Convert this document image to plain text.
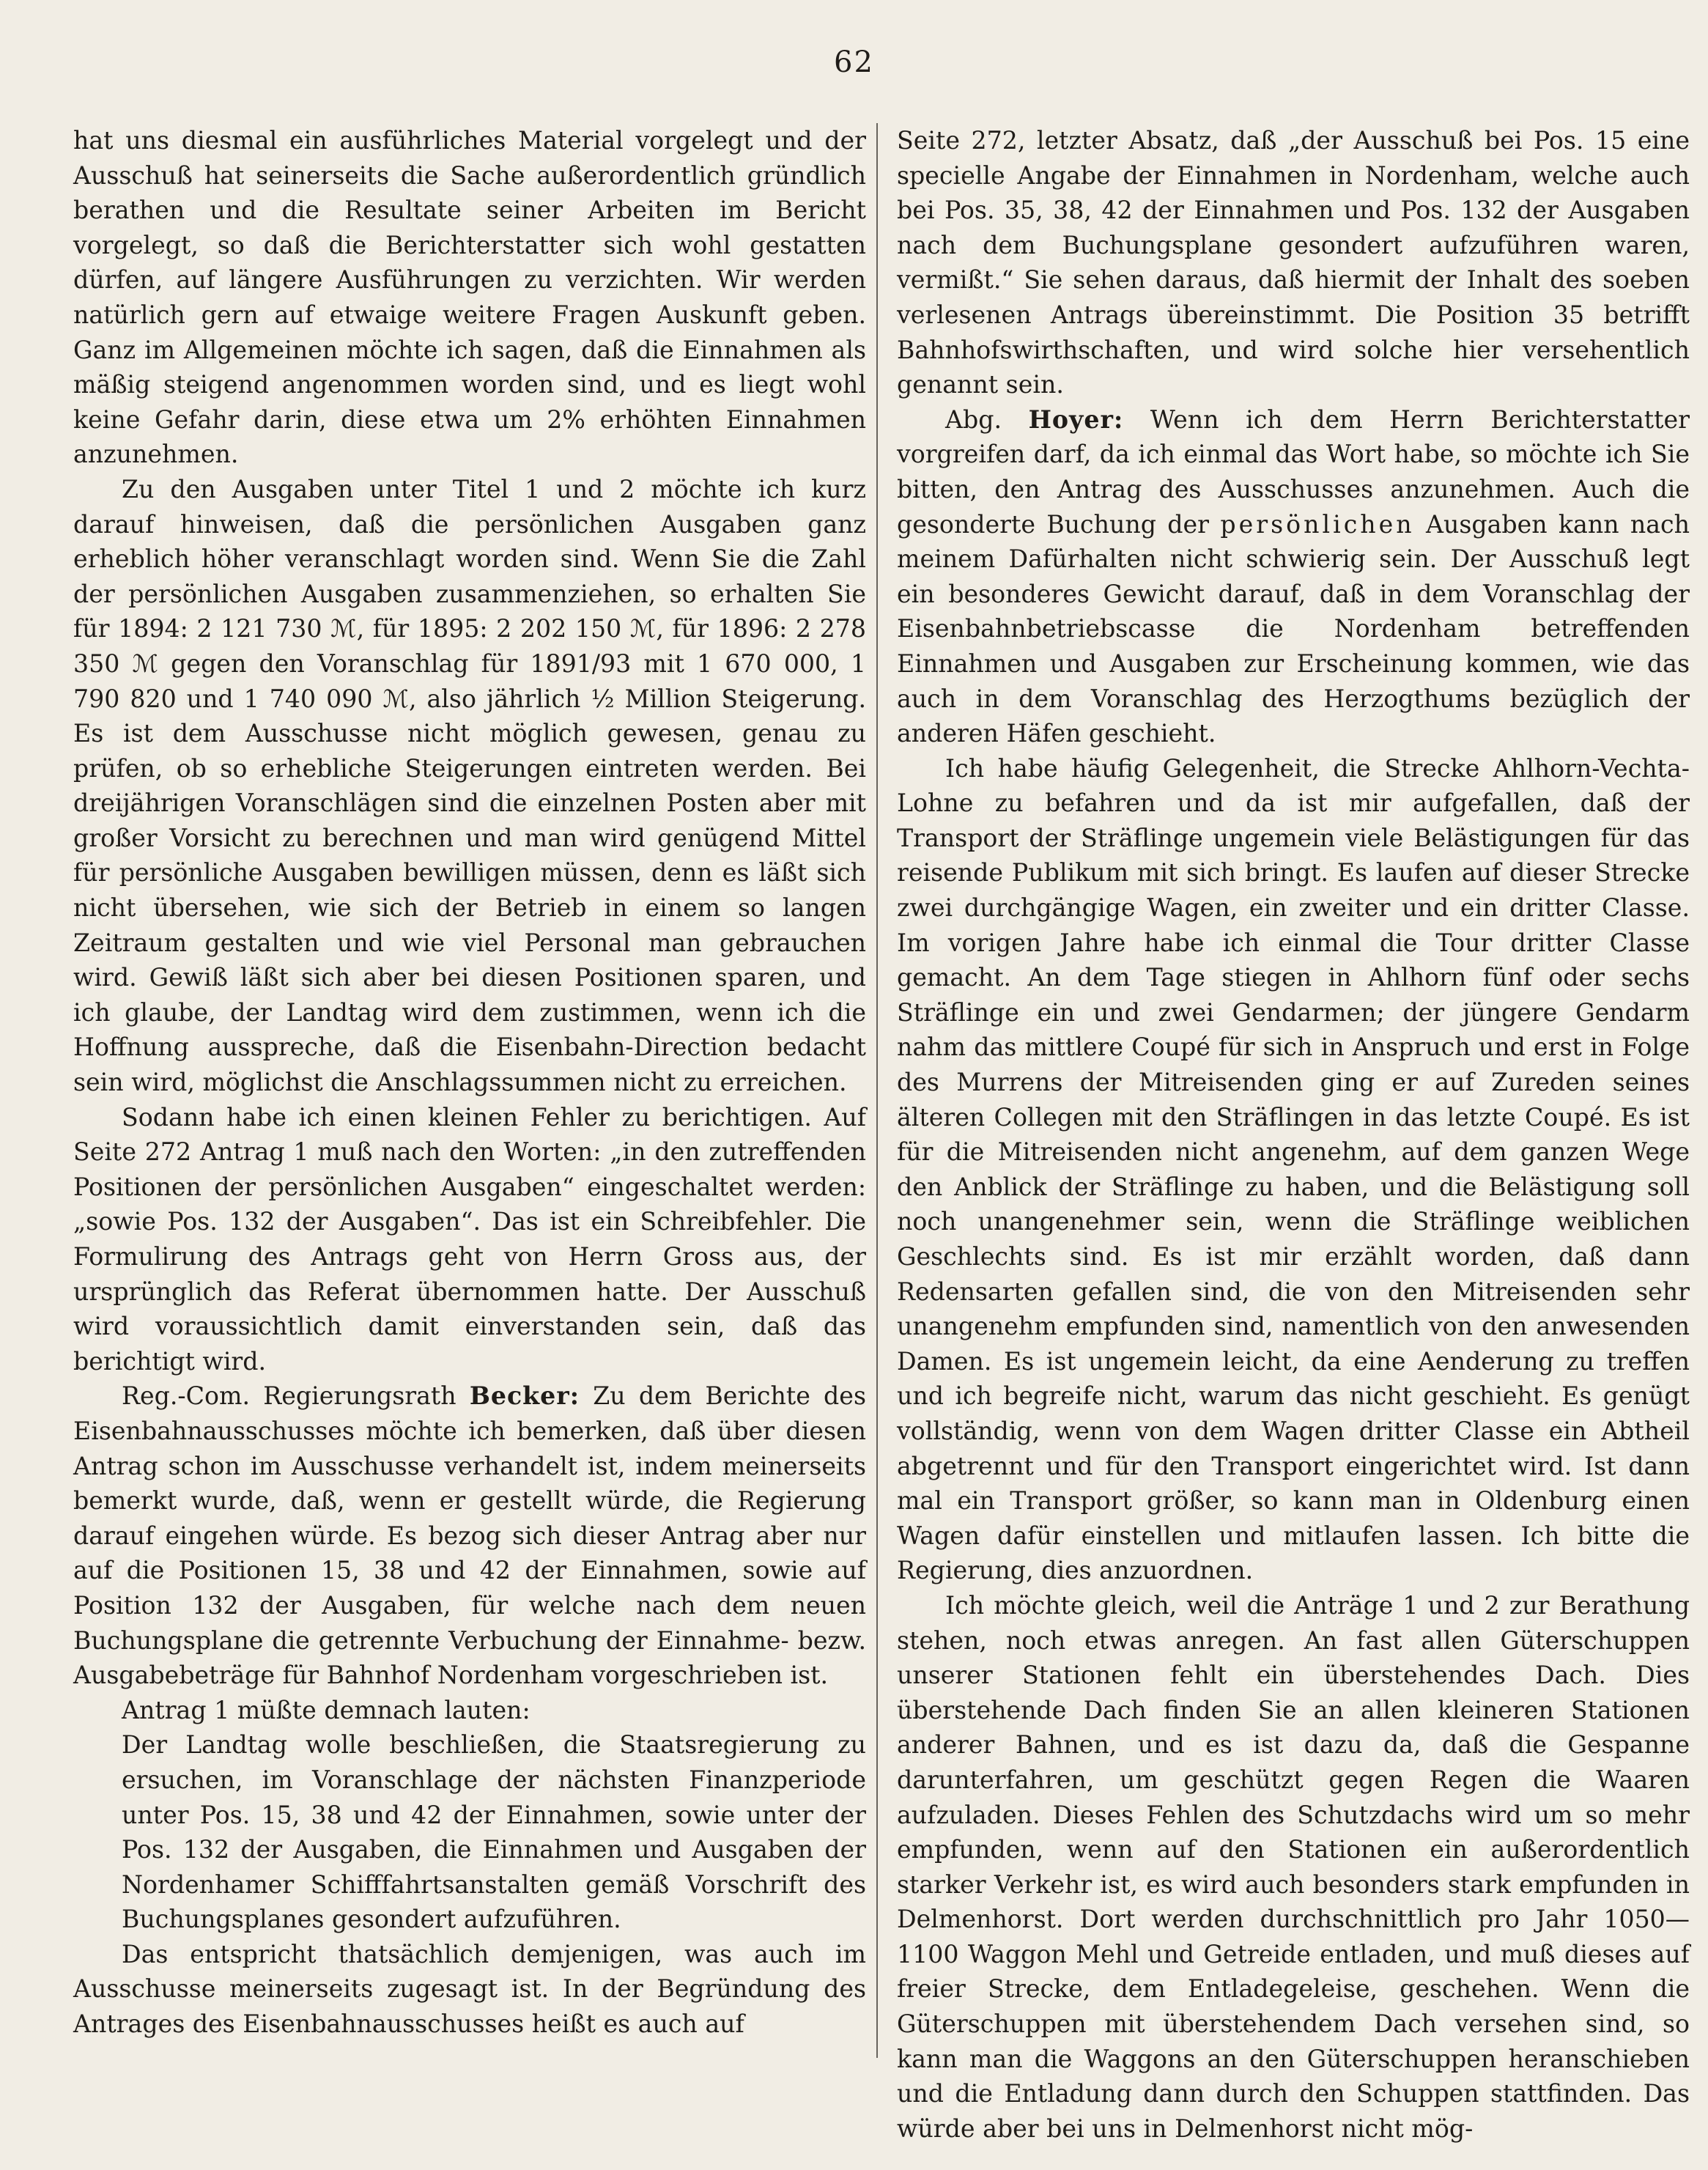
62

hat uns diesmal ein ausführliches Material vorgelegt und der Ausschuß hat seinerseits die Sache außerordentlich gründlich berathen und die Resultate seiner Arbeiten im Bericht vorgelegt, so daß die Berichterstatter sich wohl gestatten dürfen, auf längere Ausführungen zu verzichten. Wir werden natürlich gern auf etwaige weitere Fragen Auskunft geben. Ganz im Allgemeinen möchte ich sagen, daß die Einnahmen als mäßig steigend angenommen worden sind, und es liegt wohl keine Gefahr darin, diese etwa um 2% erhöhten Einnahmen anzunehmen.

Zu den Ausgaben unter Titel 1 und 2 möchte ich kurz darauf hinweisen, daß die persönlichen Ausgaben ganz erheblich höher veranschlagt worden sind. Wenn Sie die Zahl der persönlichen Ausgaben zusammenziehen, so erhalten Sie für 1894: 2 121 730 ℳ, für 1895: 2 202 150 ℳ, für 1896: 2 278 350 ℳ gegen den Voranschlag für 1891/93 mit 1 670 000, 1 790 820 und 1 740 090 ℳ, also jährlich ½ Million Steigerung. Es ist dem Ausschusse nicht möglich gewesen, genau zu prüfen, ob so erhebliche Steigerungen eintreten werden. Bei dreijährigen Voranschlägen sind die einzelnen Posten aber mit großer Vorsicht zu berechnen und man wird genügend Mittel für persönliche Ausgaben bewilligen müssen, denn es läßt sich nicht übersehen, wie sich der Betrieb in einem so langen Zeitraum gestalten und wie viel Personal man gebrauchen wird. Gewiß läßt sich aber bei diesen Positionen sparen, und ich glaube, der Landtag wird dem zustimmen, wenn ich die Hoffnung ausspreche, daß die Eisenbahn-Direction bedacht sein wird, möglichst die Anschlagssummen nicht zu erreichen.

Sodann habe ich einen kleinen Fehler zu berichtigen. Auf Seite 272 Antrag 1 muß nach den Worten: „in den zutreffenden Positionen der persönlichen Ausgaben“ eingeschaltet werden: „sowie Pos. 132 der Ausgaben“. Das ist ein Schreibfehler. Die Formulirung des Antrags geht von Herrn Gross aus, der ursprünglich das Referat übernommen hatte. Der Ausschuß wird voraussichtlich damit einverstanden sein, daß das berichtigt wird.

Reg.-Com. Regierungsrath Becker: Zu dem Berichte des Eisenbahnausschusses möchte ich bemerken, daß über diesen Antrag schon im Ausschusse verhandelt ist, indem meinerseits bemerkt wurde, daß, wenn er gestellt würde, die Regierung darauf eingehen würde. Es bezog sich dieser Antrag aber nur auf die Positionen 15, 38 und 42 der Einnahmen, sowie auf Position 132 der Ausgaben, für welche nach dem neuen Buchungsplane die getrennte Verbuchung der Einnahme- bezw. Ausgabebeträge für Bahnhof Nordenham vorgeschrieben ist.

Antrag 1 müßte demnach lauten:

Der Landtag wolle beschließen, die Staatsregierung zu ersuchen, im Voranschlage der nächsten Finanzperiode unter Pos. 15, 38 und 42 der Einnahmen, sowie unter der Pos. 132 der Ausgaben, die Einnahmen und Ausgaben der Nordenhamer Schifffahrtsanstalten gemäß Vorschrift des Buchungsplanes gesondert aufzuführen.

Das entspricht thatsächlich demjenigen, was auch im Ausschusse meinerseits zugesagt ist. In der Begründung des Antrages des Eisenbahnausschusses heißt es auch auf

Seite 272, letzter Absatz, daß „der Ausschuß bei Pos. 15 eine specielle Angabe der Einnahmen in Nordenham, welche auch bei Pos. 35, 38, 42 der Einnahmen und Pos. 132 der Ausgaben nach dem Buchungsplane gesondert aufzuführen waren, vermißt.“ Sie sehen daraus, daß hiermit der Inhalt des soeben verlesenen Antrags übereinstimmt. Die Position 35 betrifft Bahnhofswirthschaften, und wird solche hier versehentlich genannt sein.

Abg. Hoyer: Wenn ich dem Herrn Berichterstatter vorgreifen darf, da ich einmal das Wort habe, so möchte ich Sie bitten, den Antrag des Ausschusses anzunehmen. Auch die gesonderte Buchung der persönlichen Ausgaben kann nach meinem Dafürhalten nicht schwierig sein. Der Ausschuß legt ein besonderes Gewicht darauf, daß in dem Voranschlag der Eisenbahnbetriebscasse die Nordenham betreffenden Einnahmen und Ausgaben zur Erscheinung kommen, wie das auch in dem Voranschlag des Herzogthums bezüglich der anderen Häfen geschieht.

Ich habe häufig Gelegenheit, die Strecke Ahlhorn-Vechta-Lohne zu befahren und da ist mir aufgefallen, daß der Transport der Sträflinge ungemein viele Belästigungen für das reisende Publikum mit sich bringt. Es laufen auf dieser Strecke zwei durchgängige Wagen, ein zweiter und ein dritter Classe. Im vorigen Jahre habe ich einmal die Tour dritter Classe gemacht. An dem Tage stiegen in Ahlhorn fünf oder sechs Sträflinge ein und zwei Gendarmen; der jüngere Gendarm nahm das mittlere Coupé für sich in Anspruch und erst in Folge des Murrens der Mitreisenden ging er auf Zureden seines älteren Collegen mit den Sträflingen in das letzte Coupé. Es ist für die Mitreisenden nicht angenehm, auf dem ganzen Wege den Anblick der Sträflinge zu haben, und die Belästigung soll noch unangenehmer sein, wenn die Sträflinge weiblichen Geschlechts sind. Es ist mir erzählt worden, daß dann Redensarten gefallen sind, die von den Mitreisenden sehr unangenehm empfunden sind, namentlich von den anwesenden Damen. Es ist ungemein leicht, da eine Aenderung zu treffen und ich begreife nicht, warum das nicht geschieht. Es genügt vollständig, wenn von dem Wagen dritter Classe ein Abtheil abgetrennt und für den Transport eingerichtet wird. Ist dann mal ein Transport größer, so kann man in Oldenburg einen Wagen dafür einstellen und mitlaufen lassen. Ich bitte die Regierung, dies anzuordnen.

Ich möchte gleich, weil die Anträge 1 und 2 zur Berathung stehen, noch etwas anregen. An fast allen Güterschuppen unserer Stationen fehlt ein überstehendes Dach. Dies überstehende Dach finden Sie an allen kleineren Stationen anderer Bahnen, und es ist dazu da, daß die Gespanne darunterfahren, um geschützt gegen Regen die Waaren aufzuladen. Dieses Fehlen des Schutzdachs wird um so mehr empfunden, wenn auf den Stationen ein außerordentlich starker Verkehr ist, es wird auch besonders stark empfunden in Delmenhorst. Dort werden durchschnittlich pro Jahr 1050—1100 Waggon Mehl und Getreide entladen, und muß dieses auf freier Strecke, dem Entladegeleise, geschehen. Wenn die Güterschuppen mit überstehendem Dach versehen sind, so kann man die Waggons an den Güterschuppen heranschieben und die Entladung dann durch den Schuppen stattfinden. Das würde aber bei uns in Delmenhorst nicht mög-
